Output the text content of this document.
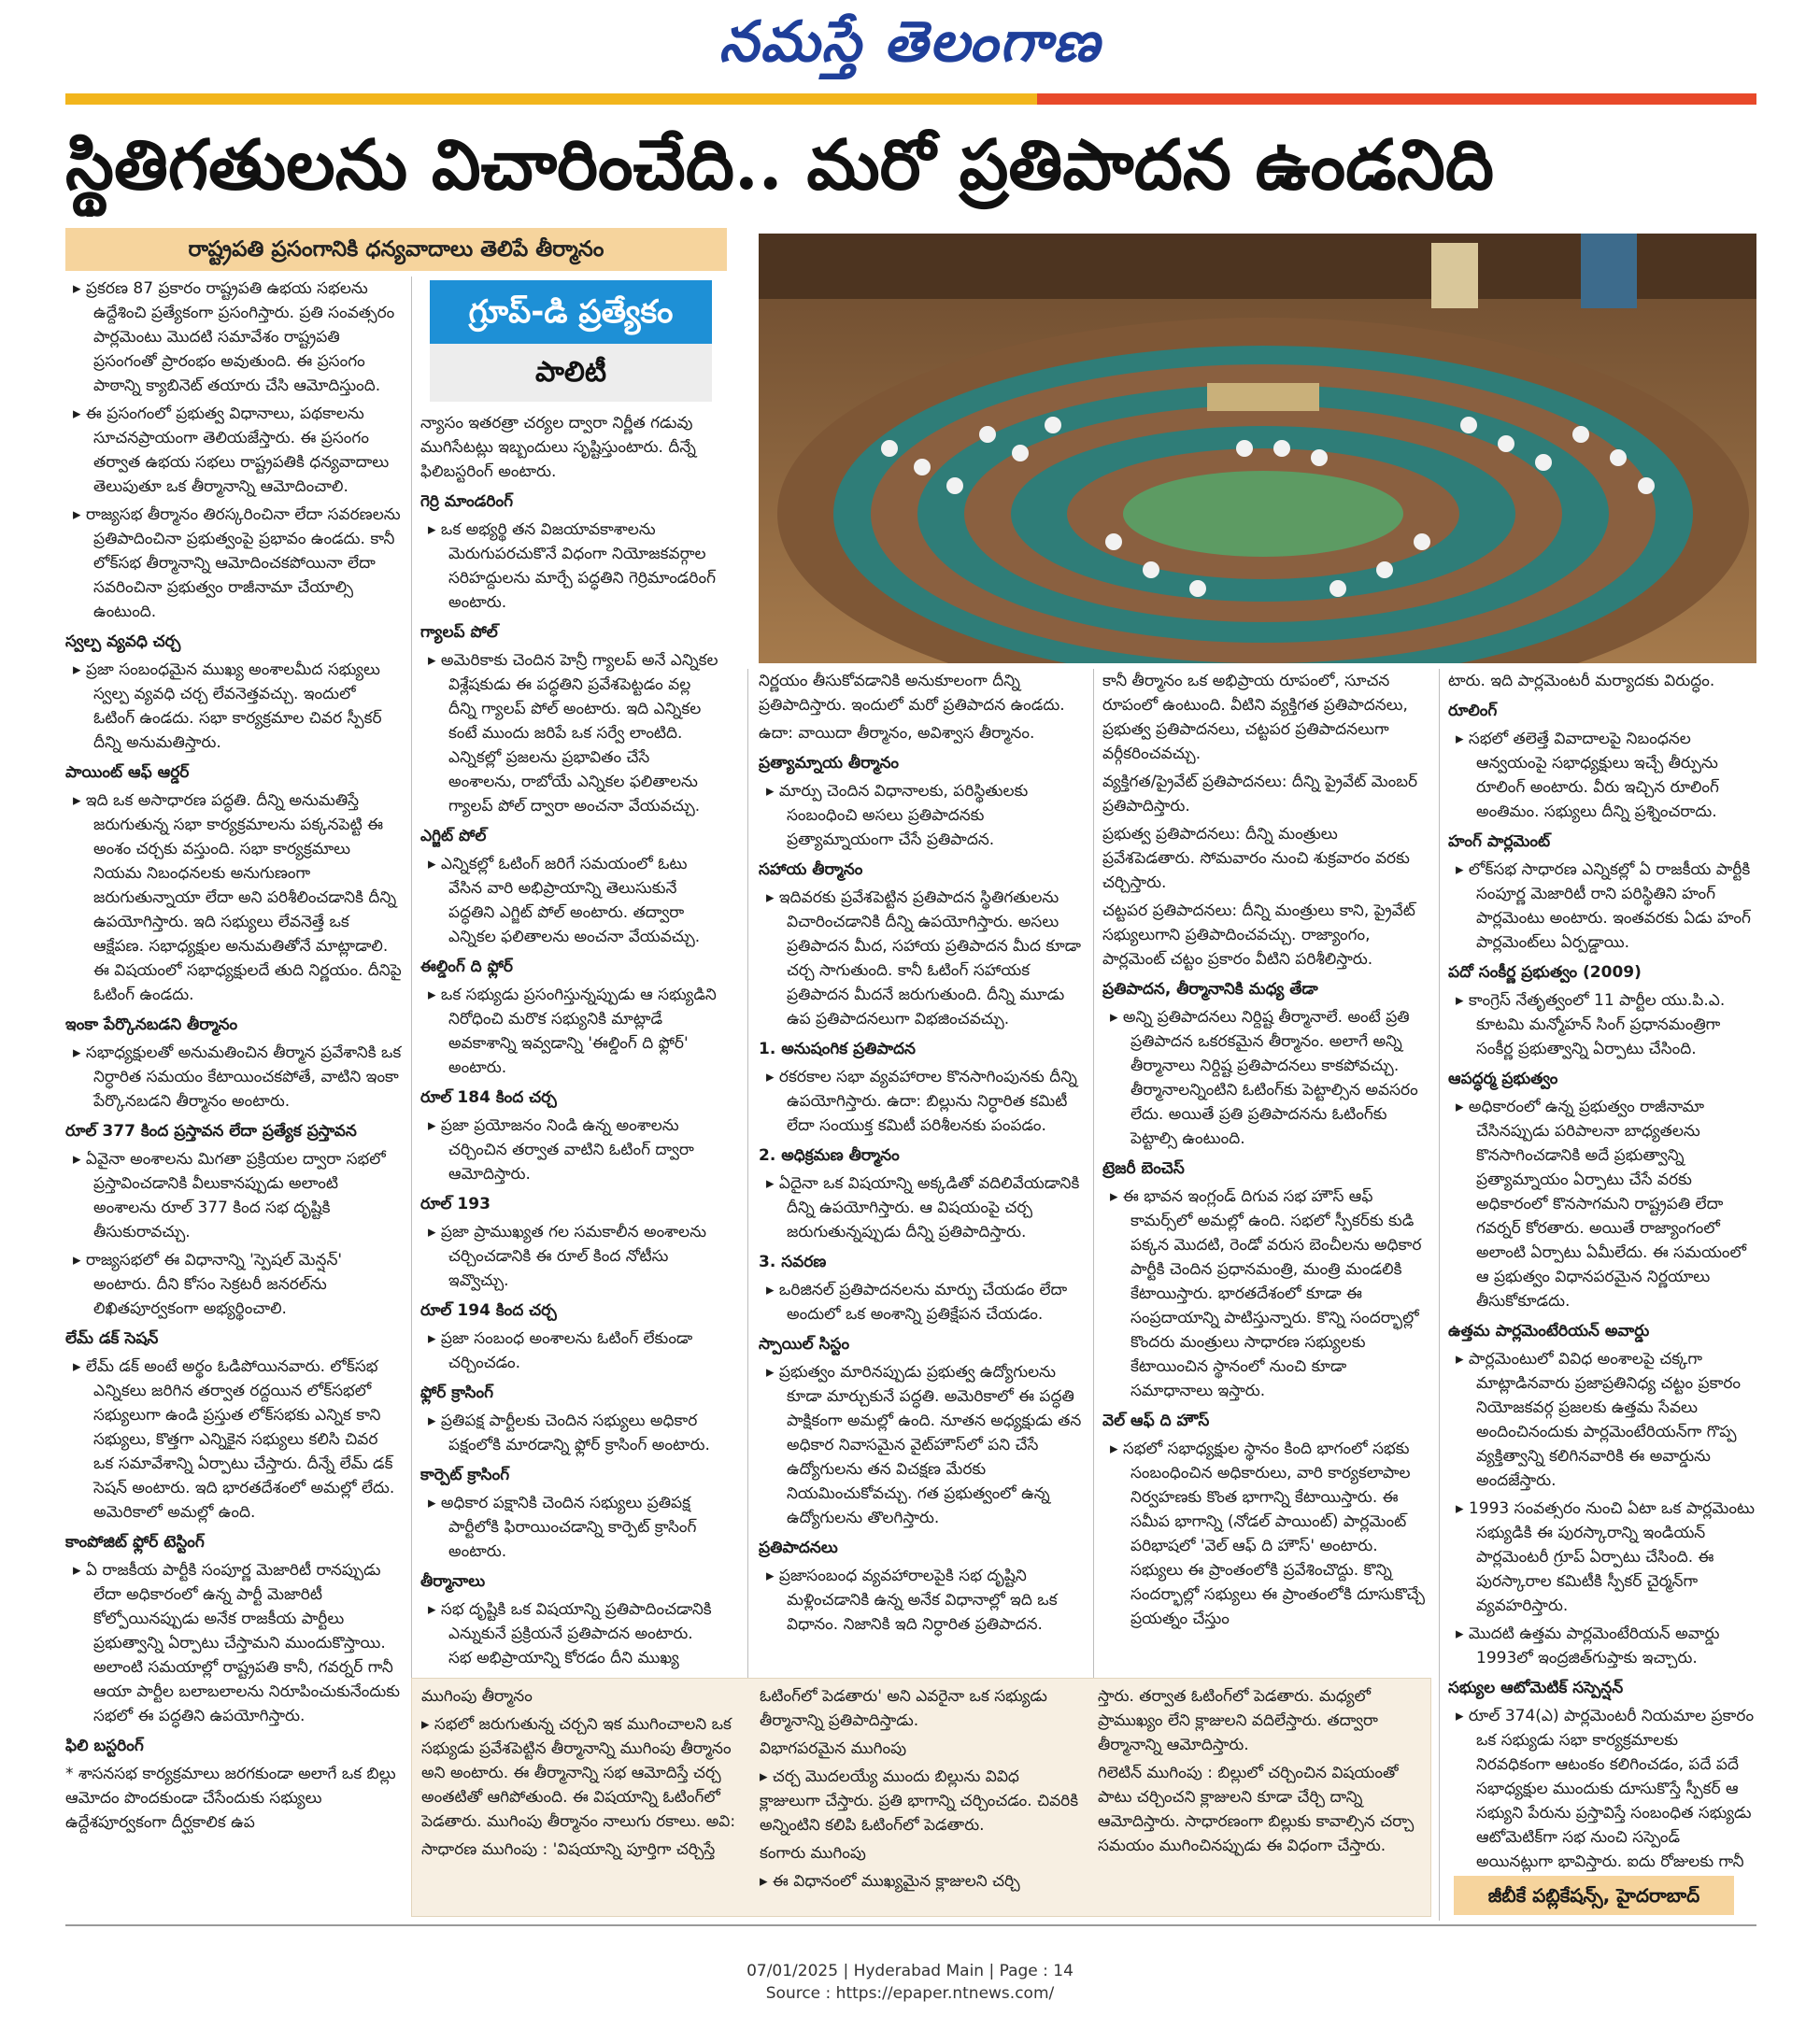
నమస్తే తెలంగాణ
స్థితిగతులను విచారించేది.. మరో ప్రతిపాదన ఉండనిది
రాష్ట్రపతి ప్రసంగానికి ధన్యవాదాలు తెలిపే తీర్మానం
గ్రూప్-డి ప్రత్యేకం
పాలిటీ

▸ ప్రకరణ 87 ప్రకారం రాష్ట్రపతి ఉభయ సభలను ఉద్దేశించి ప్రత్యేకంగా ప్రసంగిస్తారు. ప్రతి సంవత్సరం పార్లమెంటు మొదటి సమావేశం రాష్ట్రపతి ప్రసంగంతో ప్రారంభం అవుతుంది. ఈ ప్రసంగం పాఠాన్ని క్యాబినెట్ తయారు చేసి ఆమోదిస్తుంది.

▸ ఈ ప్రసంగంలో ప్రభుత్వ విధానాలు, పథకాలను సూచనప్రాయంగా తెలియజేస్తారు. ఈ ప్రసంగం తర్వాత ఉభయ సభలు రాష్ట్రపతికి ధన్యవాదాలు తెలుపుతూ ఒక తీర్మానాన్ని ఆమోదించాలి.

▸ రాజ్యసభ తీర్మానం తిరస్కరించినా లేదా సవరణలను ప్రతిపాదించినా ప్రభుత్వంపై ప్రభావం ఉండదు. కానీ లోక్‌సభ తీర్మానాన్ని ఆమోదించకపోయినా లేదా సవరించినా ప్రభుత్వం రాజీనామా చేయాల్సి ఉంటుంది.

స్వల్ప వ్యవధి చర్చ

▸ ప్రజా సంబంధమైన ముఖ్య అంశాలమీద సభ్యులు స్వల్ప వ్యవధి చర్చ లేవనెత్తవచ్చు. ఇందులో ఓటింగ్ ఉండదు. సభా కార్యక్రమాల చివర స్పీకర్ దీన్ని అనుమతిస్తారు.

పాయింట్ ఆఫ్ ఆర్డర్

▸ ఇది ఒక అసాధారణ పద్ధతి. దీన్ని అనుమతిస్తే జరుగుతున్న సభా కార్యక్రమాలను పక్కనపెట్టి ఈ అంశం చర్చకు వస్తుంది. సభా కార్యక్రమాలు నియమ నిబంధనలకు అనుగుణంగా జరుగుతున్నాయా లేదా అని పరిశీలించడానికి దీన్ని ఉపయోగిస్తారు. ఇది సభ్యులు లేవనెత్తే ఒక ఆక్షేపణ. సభాధ్యక్షుల అనుమతితోనే మాట్లాడాలి. ఈ విషయంలో సభాధ్యక్షులదే తుది నిర్ణయం. దీనిపై ఓటింగ్ ఉండదు.

ఇంకా పేర్కొనబడని తీర్మానం

▸ సభాధ్యక్షులతో అనుమతించిన తీర్మాన ప్రవేశానికి ఒక నిర్ధారిత సమయం కేటాయించకపోతే, వాటిని ఇంకా పేర్కొనబడని తీర్మానం అంటారు.

రూల్ 377 కింద ప్రస్తావన లేదా ప్రత్యేక ప్రస్తావన

▸ ఏవైనా అంశాలను మిగతా ప్రక్రియల ద్వారా సభలో ప్రస్తావించడానికి వీలుకానప్పుడు అలాంటి అంశాలను రూల్ 377 కింద సభ దృష్టికి తీసుకురావచ్చు.

▸ రాజ్యసభలో ఈ విధానాన్ని 'స్పెషల్ మెన్షన్' అంటారు. దీని కోసం సెక్రటరీ జనరల్‌ను లిఖితపూర్వకంగా అభ్యర్థించాలి.

లేమ్ డక్ సెషన్

▸ లేమ్ డక్ అంటే అర్థం ఓడిపోయినవారు. లోక్‌సభ ఎన్నికలు జరిగిన తర్వాత రద్దయిన లోక్‌సభలో సభ్యులుగా ఉండి ప్రస్తుత లోక్‌సభకు ఎన్నిక కాని సభ్యులు, కొత్తగా ఎన్నికైన సభ్యులు కలిసి చివర ఒక సమావేశాన్ని ఏర్పాటు చేస్తారు. దీన్నే లేమ్ డక్ సెషన్ అంటారు. ఇది భారతదేశంలో అమల్లో లేదు. అమెరికాలో అమల్లో ఉంది.

కాంపోజిట్ ఫ్లోర్ టెస్టింగ్

▸ ఏ రాజకీయ పార్టీకి సంపూర్ణ మెజారిటీ రానప్పుడు లేదా అధికారంలో ఉన్న పార్టీ మెజారిటీ కోల్పోయినప్పుడు అనేక రాజకీయ పార్టీలు ప్రభుత్వాన్ని ఏర్పాటు చేస్తామని ముందుకొస్తాయి. అలాంటి సమయాల్లో రాష్ట్రపతి కానీ, గవర్నర్ గానీ ఆయా పార్టీల బలాబలాలను నిరూపించుకునేందుకు సభలో ఈ పద్ధతిని ఉపయోగిస్తారు.

ఫిలి బస్టరింగ్

* శాసనసభ కార్యక్రమాలు జరగకుండా అలాగే ఒక బిల్లు ఆమోదం పొందకుండా చేసేందుకు సభ్యులు ఉద్దేశపూర్వకంగా దీర్ఘకాలిక ఉప

న్యాసం ఇతరత్రా చర్యల ద్వారా నిర్ణీత గడువు ముగిసేటట్లు ఇబ్బందులు సృష్టిస్తుంటారు. దీన్నే ఫిలిబస్టరింగ్ అంటారు.

గెర్రి మాండరింగ్

▸ ఒక అభ్యర్థి తన విజయావకాశాలను మెరుగుపరచుకొనే విధంగా నియోజకవర్గాల సరిహద్దులను మార్చే పద్ధతిని గెర్రిమాండరింగ్ అంటారు.

గ్యాలప్ పోల్

▸ అమెరికాకు చెందిన హెన్రీ గ్యాలప్ అనే ఎన్నికల విశ్లేషకుడు ఈ పద్ధతిని ప్రవేశపెట్టడం వల్ల దీన్ని గ్యాలప్ పోల్ అంటారు. ఇది ఎన్నికల కంటే ముందు జరిపే ఒక సర్వే లాంటిది. ఎన్నికల్లో ప్రజలను ప్రభావితం చేసే అంశాలను, రాబోయే ఎన్నికల ఫలితాలను గ్యాలప్ పోల్ ద్వారా అంచనా వేయవచ్చు.

ఎగ్జిట్ పోల్

▸ ఎన్నికల్లో ఓటింగ్ జరిగే సమయంలో ఓటు వేసిన వారి అభిప్రాయాన్ని తెలుసుకునే పద్ధతిని ఎగ్జిట్ పోల్ అంటారు. తద్వారా ఎన్నికల ఫలితాలను అంచనా వేయవచ్చు.

ఈల్డింగ్ ది ఫ్లోర్

▸ ఒక సభ్యుడు ప్రసంగిస్తున్నప్పుడు ఆ సభ్యుడిని నిరోధించి మరొక సభ్యునికి మాట్లాడే అవకాశాన్ని ఇవ్వడాన్ని 'ఈల్డింగ్ ది ఫ్లోర్' అంటారు.

రూల్ 184 కింద చర్చ

▸ ప్రజా ప్రయోజనం నిండి ఉన్న అంశాలను చర్చించిన తర్వాత వాటిని ఓటింగ్ ద్వారా ఆమోదిస్తారు.

రూల్ 193

▸ ప్రజా ప్రాముఖ్యత గల సమకాలీన అంశాలను చర్చించడానికి ఈ రూల్ కింద నోటీసు ఇవ్వొచ్చు.

రూల్ 194 కింద చర్చ

▸ ప్రజా సంబంధ అంశాలను ఓటింగ్ లేకుండా చర్చించడం.

ఫ్లోర్ క్రాసింగ్

▸ ప్రతిపక్ష పార్టీలకు చెందిన సభ్యులు అధికార పక్షంలోకి మారడాన్ని ఫ్లోర్ క్రాసింగ్ అంటారు.

కార్పెట్ క్రాసింగ్

▸ అధికార పక్షానికి చెందిన సభ్యులు ప్రతిపక్ష పార్టీలోకి ఫిరాయించడాన్ని కార్పెట్ క్రాసింగ్ అంటారు.

తీర్మానాలు

▸ సభ దృష్టికి ఒక విషయాన్ని ప్రతిపాదించడానికి ఎన్నుకునే ప్రక్రియనే ప్రతిపాదన అంటారు. సభ అభిప్రాయాన్ని కోరడం దీని ముఖ్య

నిర్ణయం తీసుకోవడానికి అనుకూలంగా దీన్ని ప్రతిపాదిస్తారు. ఇందులో మరో ప్రతిపాదన ఉండదు.

ఉదా: వాయిదా తీర్మానం, అవిశ్వాస తీర్మానం.

ప్రత్యామ్నాయ తీర్మానం

▸ మార్పు చెందిన విధానాలకు, పరిస్థితులకు సంబంధించి అసలు ప్రతిపాదనకు ప్రత్యామ్నాయంగా చేసే ప్రతిపాదన.

సహాయ తీర్మానం

▸ ఇదివరకు ప్రవేశపెట్టిన ప్రతిపాదన స్థితిగతులను విచారించడానికి దీన్ని ఉపయోగిస్తారు. అసలు ప్రతిపాదన మీద, సహాయ ప్రతిపాదన మీద కూడా చర్చ సాగుతుంది. కానీ ఓటింగ్ సహాయక ప్రతిపాదన మీదనే జరుగుతుంది. దీన్ని మూడు ఉప ప్రతిపాదనలుగా విభజించవచ్చు.

1. అనుషంగిక ప్రతిపాదన

▸ రకరకాల సభా వ్యవహారాల కొనసాగింపునకు దీన్ని ఉపయోగిస్తారు. ఉదా: బిల్లును నిర్ధారిత కమిటీ లేదా సంయుక్త కమిటీ పరిశీలనకు పంపడం.

2. అధిక్రమణ తీర్మానం

▸ ఏదైనా ఒక విషయాన్ని అక్కడితో వదిలివేయడానికి దీన్ని ఉపయోగిస్తారు. ఆ విషయంపై చర్చ జరుగుతున్నప్పుడు దీన్ని ప్రతిపాదిస్తారు.

3. సవరణ

▸ ఒరిజినల్ ప్రతిపాదనలను మార్పు చేయడం లేదా అందులో ఒక అంశాన్ని ప్రతిక్షేపన చేయడం.

స్పాయిల్ సిస్టం

▸ ప్రభుత్వం మారినప్పుడు ప్రభుత్వ ఉద్యోగులను కూడా మార్చుకునే పద్ధతి. అమెరికాలో ఈ పద్ధతి పాక్షికంగా అమల్లో ఉంది. నూతన అధ్యక్షుడు తన అధికార నివాసమైన వైట్‌హౌస్‌లో పని చేసే ఉద్యోగులను తన విచక్షణ మేరకు నియమించుకోవచ్చు. గత ప్రభుత్వంలో ఉన్న ఉద్యోగులను తొలగిస్తారు.

ప్రతిపాదనలు

▸ ప్రజాసంబంధ వ్యవహారాలపైకి సభ దృష్టిని మళ్లించడానికి ఉన్న అనేక విధానాల్లో ఇది ఒక విధానం. నిజానికి ఇది నిర్ధారిత ప్రతిపాదన.

కానీ తీర్మానం ఒక అభిప్రాయ రూపంలో, సూచన రూపంలో ఉంటుంది. వీటిని వ్యక్తిగత ప్రతిపాదనలు, ప్రభుత్వ ప్రతిపాదనలు, చట్టపర ప్రతిపాదనలుగా వర్గీకరించవచ్చు.

వ్యక్తిగత/ప్రైవేట్ ప్రతిపాదనలు: దీన్ని ప్రైవేట్ మెంబర్ ప్రతిపాదిస్తారు.

ప్రభుత్వ ప్రతిపాదనలు: దీన్ని మంత్రులు ప్రవేశపెడతారు. సోమవారం నుంచి శుక్రవారం వరకు చర్చిస్తారు.

చట్టపర ప్రతిపాదనలు: దీన్ని మంత్రులు కాని, ప్రైవేట్ సభ్యులుగాని ప్రతిపాదించవచ్చు. రాజ్యాంగం, పార్లమెంట్ చట్టం ప్రకారం వీటిని పరిశీలిస్తారు.

ప్రతిపాదన, తీర్మానానికి మధ్య తేడా

▸ అన్ని ప్రతిపాదనలు నిర్దిష్ట తీర్మానాలే. అంటే ప్రతి ప్రతిపాదన ఒకరకమైన తీర్మానం. అలాగే అన్ని తీర్మానాలు నిర్దిష్ట ప్రతిపాదనలు కాకపోవచ్చు. తీర్మానాలన్నింటిని ఓటింగ్‌కు పెట్టాల్సిన అవసరం లేదు. అయితే ప్రతి ప్రతిపాదనను ఓటింగ్‌కు పెట్టాల్సి ఉంటుంది.

ట్రెజరీ బెంచెస్

▸ ఈ భావన ఇంగ్లండ్ దిగువ సభ హౌస్ ఆఫ్ కామర్స్‌లో అమల్లో ఉంది. సభలో స్పీకర్‌కు కుడి పక్కన మొదటి, రెండో వరుస బెంచీలను అధికార పార్టీకి చెందిన ప్రధానమంత్రి, మంత్రి మండలికి కేటాయిస్తారు. భారతదేశంలో కూడా ఈ సంప్రదాయాన్ని పాటిస్తున్నారు. కొన్ని సందర్భాల్లో కొందరు మంత్రులు సాధారణ సభ్యులకు కేటాయించిన స్థానంలో నుంచి కూడా సమాధానాలు ఇస్తారు.

వెల్ ఆఫ్ ది హౌస్

▸ సభలో సభాధ్యక్షుల స్థానం కింది భాగంలో సభకు సంబంధించిన అధికారులు, వారి కార్యకలాపాల నిర్వహణకు కొంత భాగాన్ని కేటాయిస్తారు. ఈ సమీప భాగాన్ని (నోడల్ పాయింట్) పార్లమెంట్ పరిభాషలో 'వెల్ ఆఫ్ ది హౌస్' అంటారు. సభ్యులు ఈ ప్రాంతంలోకి ప్రవేశించొద్దు. కొన్ని సందర్భాల్లో సభ్యులు ఈ ప్రాంతంలోకి దూసుకొచ్చే ప్రయత్నం చేస్తుం

టారు. ఇది పార్లమెంటరీ మర్యాదకు విరుద్ధం.

రూలింగ్

▸ సభలో తలెత్తే వివాదాలపై నిబంధనల ఆన్వయంపై సభాధ్యక్షులు ఇచ్చే తీర్పును రూలింగ్ అంటారు. వీరు ఇచ్చిన రూలింగ్ అంతిమం. సభ్యులు దీన్ని ప్రశ్నించరాదు.

హంగ్ పార్లమెంట్

▸ లోక్‌సభ సాధారణ ఎన్నికల్లో ఏ రాజకీయ పార్టీకి సంపూర్ణ మెజారిటీ రాని పరిస్థితిని హంగ్ పార్లమెంటు అంటారు. ఇంతవరకు ఏడు హంగ్ పార్లమెంట్‌లు ఏర్పడ్డాయి.

పదో సంకీర్ణ ప్రభుత్వం (2009)

▸ కాంగ్రెస్ నేతృత్వంలో 11 పార్టీల యు.పి.ఎ. కూటమి మన్మోహన్ సింగ్ ప్రధానమంత్రిగా సంకీర్ణ ప్రభుత్వాన్ని ఏర్పాటు చేసింది.

ఆపద్ధర్మ ప్రభుత్వం

▸ అధికారంలో ఉన్న ప్రభుత్వం రాజీనామా చేసినప్పుడు పరిపాలనా బాధ్యతలను కొనసాగించడానికి అదే ప్రభుత్వాన్ని ప్రత్యామ్నాయం ఏర్పాటు చేసే వరకు అధికారంలో కొనసాగమని రాష్ట్రపతి లేదా గవర్నర్ కోరతారు. అయితే రాజ్యాంగంలో అలాంటి ఏర్పాటు ఏమీలేదు. ఈ సమయంలో ఆ ప్రభుత్వం విధానపరమైన నిర్ణయాలు తీసుకోకూడదు.

ఉత్తమ పార్లమెంటేరియన్ అవార్డు

▸ పార్లమెంటులో వివిధ అంశాలపై చక్కగా మాట్లాడినవారు ప్రజాప్రతినిధ్య చట్టం ప్రకారం నియోజకవర్గ ప్రజలకు ఉత్తమ సేవలు అందించినందుకు పార్లమెంటేరియన్‌గా గొప్ప వ్యక్తిత్వాన్ని కలిగినవారికి ఈ అవార్డును అందజేస్తారు.

▸ 1993 సంవత్సరం నుంచి ఏటా ఒక పార్లమెంటు సభ్యుడికి ఈ పురస్కారాన్ని ఇండియన్ పార్లమెంటరీ గ్రూప్ ఏర్పాటు చేసింది. ఈ పురస్కారాల కమిటీకి స్పీకర్ చైర్మన్‌గా వ్యవహరిస్తారు.

▸ మొదటి ఉత్తమ పార్లమెంటేరియన్ అవార్డు 1993లో ఇంద్రజిత్‌గుప్తాకు ఇచ్చారు.

సభ్యుల ఆటోమెటిక్ సస్పెన్షన్

▸ రూల్ 374(ఎ) పార్లమెంటరీ నియమాల ప్రకారం ఒక సభ్యుడు సభా కార్యక్రమాలకు నిరవధికంగా ఆటంకం కలిగించడం, పదే పదే సభాధ్యక్షుల ముందుకు దూసుకొస్తే స్పీకర్ ఆ సభ్యుని పేరును ప్రస్తావిస్తే సంబంధిత సభ్యుడు ఆటోమెటిక్‌గా సభ నుంచి సస్పెండ్ అయినట్లుగా భావిస్తారు. ఐదు రోజులకు గానీ

ముగింపు తీర్మానం

▸ సభలో జరుగుతున్న చర్చని ఇక ముగించాలని ఒక సభ్యుడు ప్రవేశపెట్టిన తీర్మానాన్ని ముగింపు తీర్మానం అని అంటారు. ఈ తీర్మానాన్ని సభ ఆమోదిస్తే చర్చ అంతటితో ఆగిపోతుంది. ఈ విషయాన్ని ఓటింగ్‌లో పెడతారు. ముగింపు తీర్మానం నాలుగు రకాలు. అవి:

సాధారణ ముగింపు : 'విషయాన్ని పూర్తిగా చర్చిస్తే

ఓటింగ్‌లో పెడతారు' అని ఎవరైనా ఒక సభ్యుడు తీర్మానాన్ని ప్రతిపాదిస్తాడు.

విభాగపరమైన ముగింపు

▸ చర్చ మొదలయ్యే ముందు బిల్లును వివిధ క్లాజులుగా చేస్తారు. ప్రతి భాగాన్ని చర్చించడం. చివరికి అన్నింటిని కలిపి ఓటింగ్‌లో పెడతారు.

కంగారు ముగింపు

▸ ఈ విధానంలో ముఖ్యమైన క్లాజులని చర్చి

స్తారు. తర్వాత ఓటింగ్‌లో పెడతారు. మధ్యలో ప్రాముఖ్యం లేని క్లాజులని వదిలేస్తారు. తద్వారా తీర్మానాన్ని ఆమోదిస్తారు.

గిలెటిన్ ముగింపు : బిల్లులో చర్చించిన విషయంతో పాటు చర్చించని క్లాజులని కూడా చేర్చి దాన్ని ఆమోదిస్తారు. సాధారణంగా బిల్లుకు కావాల్సిన చర్చా సమయం ముగించినప్పుడు ఈ విధంగా చేస్తారు.

జీబీకే పబ్లికేషన్స్, హైదరాబాద్
07/01/2025 | Hyderabad Main | Page : 14
Source : https://epaper.ntnews.com/
